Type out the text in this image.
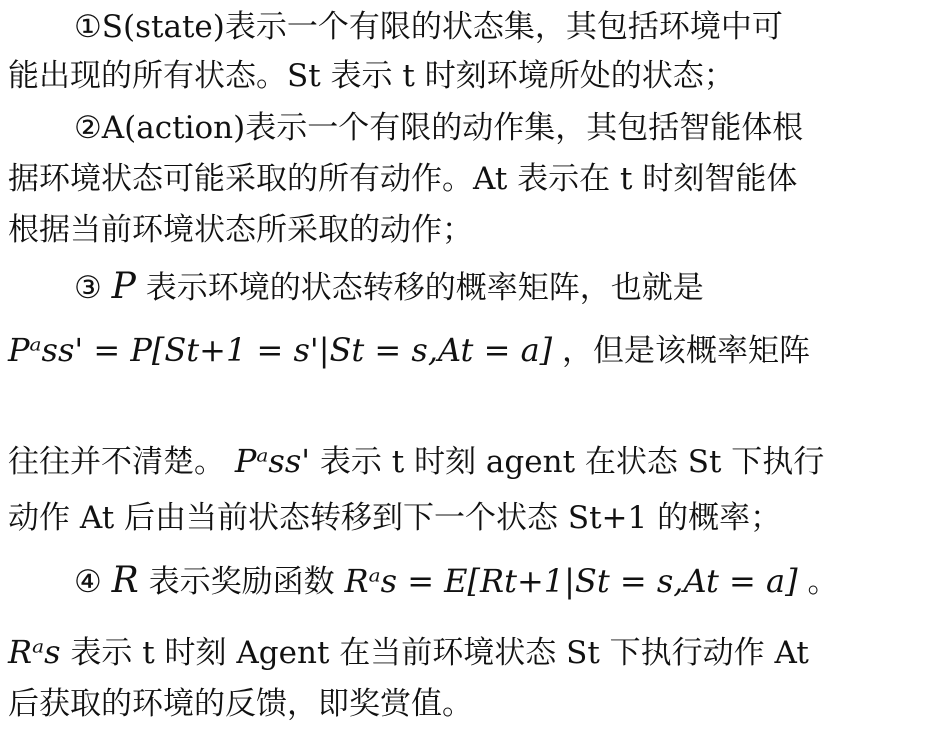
①S(state)表示一个有限的状态集，其包括环境中可
能出现的所有状态。St 表示 t 时刻环境所处的状态；
②A(action)表示一个有限的动作集，其包括智能体根
据环境状态可能采取的所有动作。At 表示在 t 时刻智能体
根据当前环境状态所采取的动作；
③ P 表示环境的状态转移的概率矩阵，也就是
Pᵃss' = P[St+1 = s'|St = s,At = a] ，但是该概率矩阵
往往并不清楚。 Pᵃss' 表示 t 时刻 agent 在状态 St 下执行
动作 At 后由当前状态转移到下一个状态 St+1 的概率；
④ R 表示奖励函数 Rᵃs = E[Rt+1|St = s,At = a] 。
Rᵃs 表示 t 时刻 Agent 在当前环境状态 St 下执行动作 At
后获取的环境的反馈，即奖赏值。
